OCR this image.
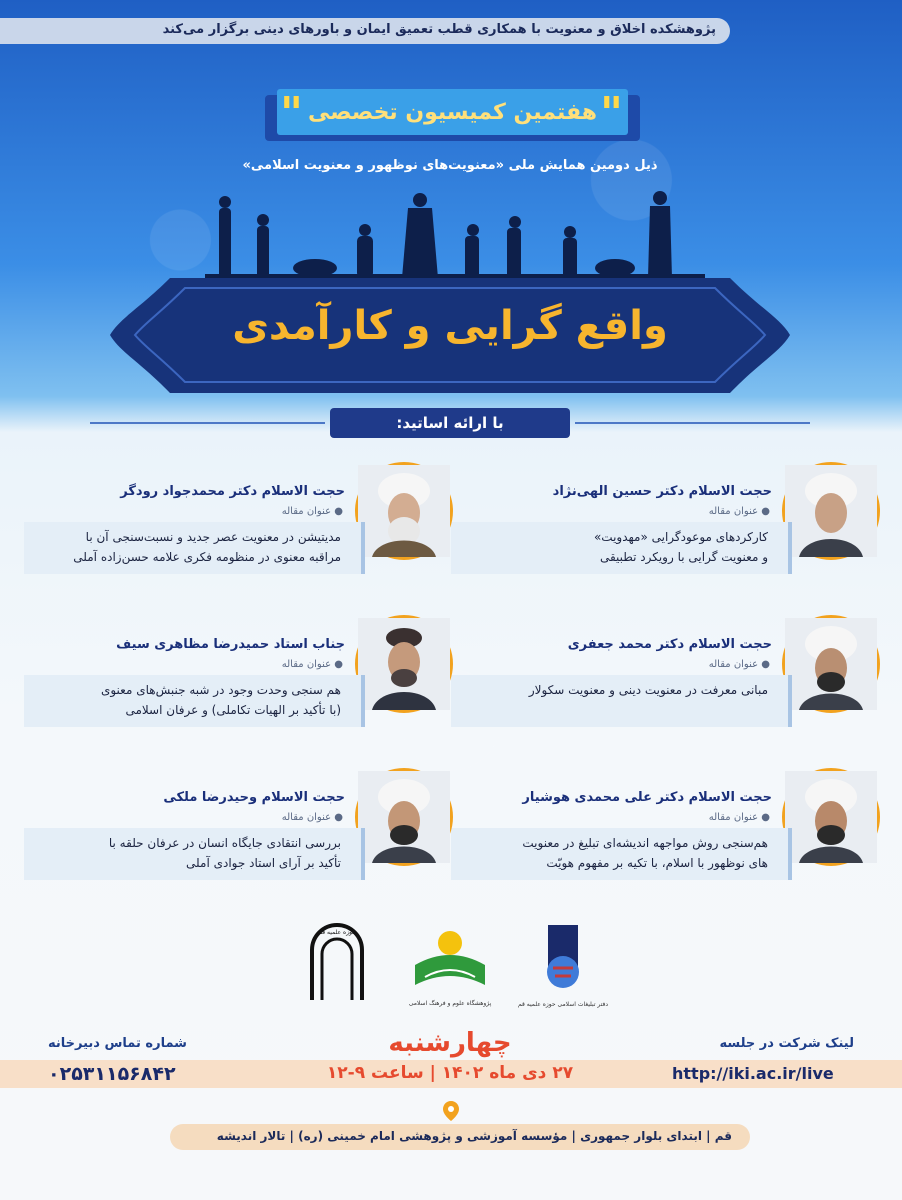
پژوهشکده اخلاق و معنویت با همکاری قطب تعمیق ایمان و باورهای دینی برگزار می‌کند
هفتمین کمیسیون تخصصی
"	"
ذیل دومین همایش ملی «معنویت‌های نوظهور و معنویت اسلامی»
واقع گرایی و کارآمدی
با ارائه اساتید:
حجت الاسلام دکتر حسین الهی‌نژاد
● عنوان مقاله
کارکردهای موعودگرایی «مهدویت»
و معنویت گرایی با رویکرد تطبیقی
حجت الاسلام دکتر محمدجواد رودگر
● عنوان مقاله
مدیتیشن در معنویت عصر جدید و نسبت‌سنجی آن با
مراقبه معنوی در منظومه فکری علامه حسن‌زاده آملی
حجت الاسلام دکتر محمد جعفری
● عنوان مقاله
مبانی معرفت در معنویت دینی و معنویت سکولار
جناب استاد حمیدرضا مظاهری سیف
● عنوان مقاله
هم سنجی وحدت وجود در شبه جنبش‌های معنوی
(با تأکید بر الهیات تکاملی) و عرفان اسلامی
حجت الاسلام دکتر علی محمدی هوشیار
● عنوان مقاله
هم‌سنجی روش مواجهه اندیشه‌ای تبلیغ در معنویت
های نوظهور با اسلام، با تکیه بر مفهوم هویّت
حجت الاسلام وحیدرضا ملکی
● عنوان مقاله
بررسی انتقادی جایگاه انسان در عرفان حلقه با
تأکید بر آرای استاد جوادی آملی
دفتر تبلیغات اسلامی حوزه علمیه قم
پژوهشگاه علوم و فرهنگ اسلامی
حوزه علمیه قم
لینک شرکت در جلسه
شماره تماس دبیرخانه	چهارشنبه
۲۷ دی ماه ۱۴۰۲ | ساعت ۹-۱۲	http://iki.ac.ir/live
۰۲۵۳۱۱۵۶۸۴۲
قم | ابتدای بلوار جمهوری | مؤسسه آموزشی و پژوهشی امام خمینی (ره) | تالار اندیشه
